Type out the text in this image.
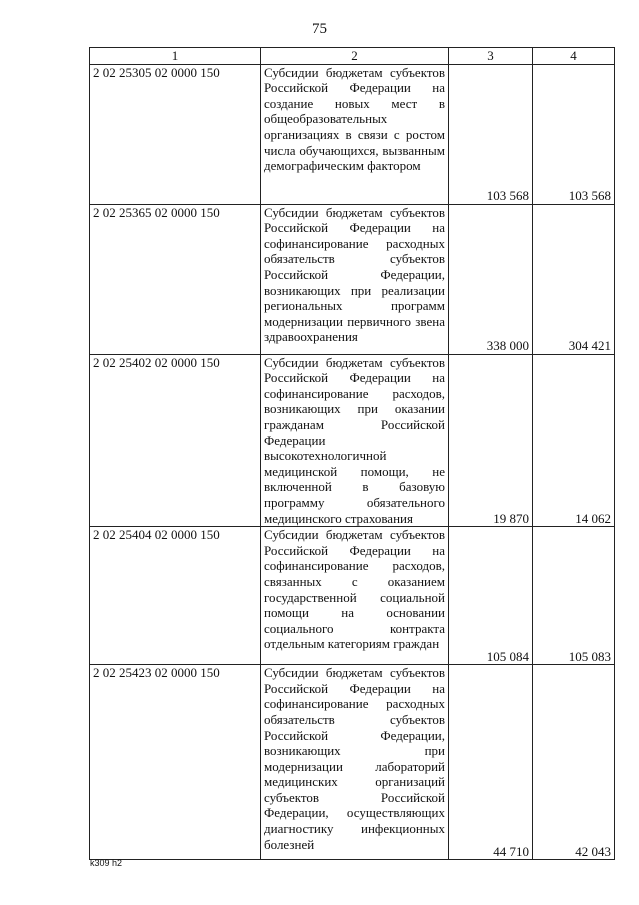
75
1	2	3	4
2 02 25305 02 0000 150	Субсидии бюджетам субъектов Российской Федерации на создание новых мест в общеобразовательных организациях в связи с ростом числа обучающихся, вызванным демографическим фактором	103 568	103 568
2 02 25365 02 0000 150	Субсидии бюджетам субъектов Российской Федерации на софинансирование расходных обязательств субъектов Российской Федерации, возникающих при реализации региональных программ модернизации первичного звена здравоохранения	338 000	304 421
2 02 25402 02 0000 150	Субсидии бюджетам субъектов Российской Федерации на софинансирование расходов, возникающих при оказании гражданам Российской Федерации высокотехнологичной медицинской помощи, не включенной в базовую программу обязательного медицинского страхования	19 870	14 062
2 02 25404 02 0000 150	Субсидии бюджетам субъектов Российской Федерации на софинансирование расходов, связанных с оказанием государственной социальной помощи на основании социального контракта отдельным категориям граждан	105 084	105 083
2 02 25423 02 0000 150	Субсидии бюджетам субъектов Российской Федерации на софинансирование расходных обязательств субъектов Российской Федерации, возникающих при модернизации лабораторий медицинских организаций субъектов Российской Федерации, осуществляющих диагностику инфекционных болезней	44 710	42 043
k309 h2
